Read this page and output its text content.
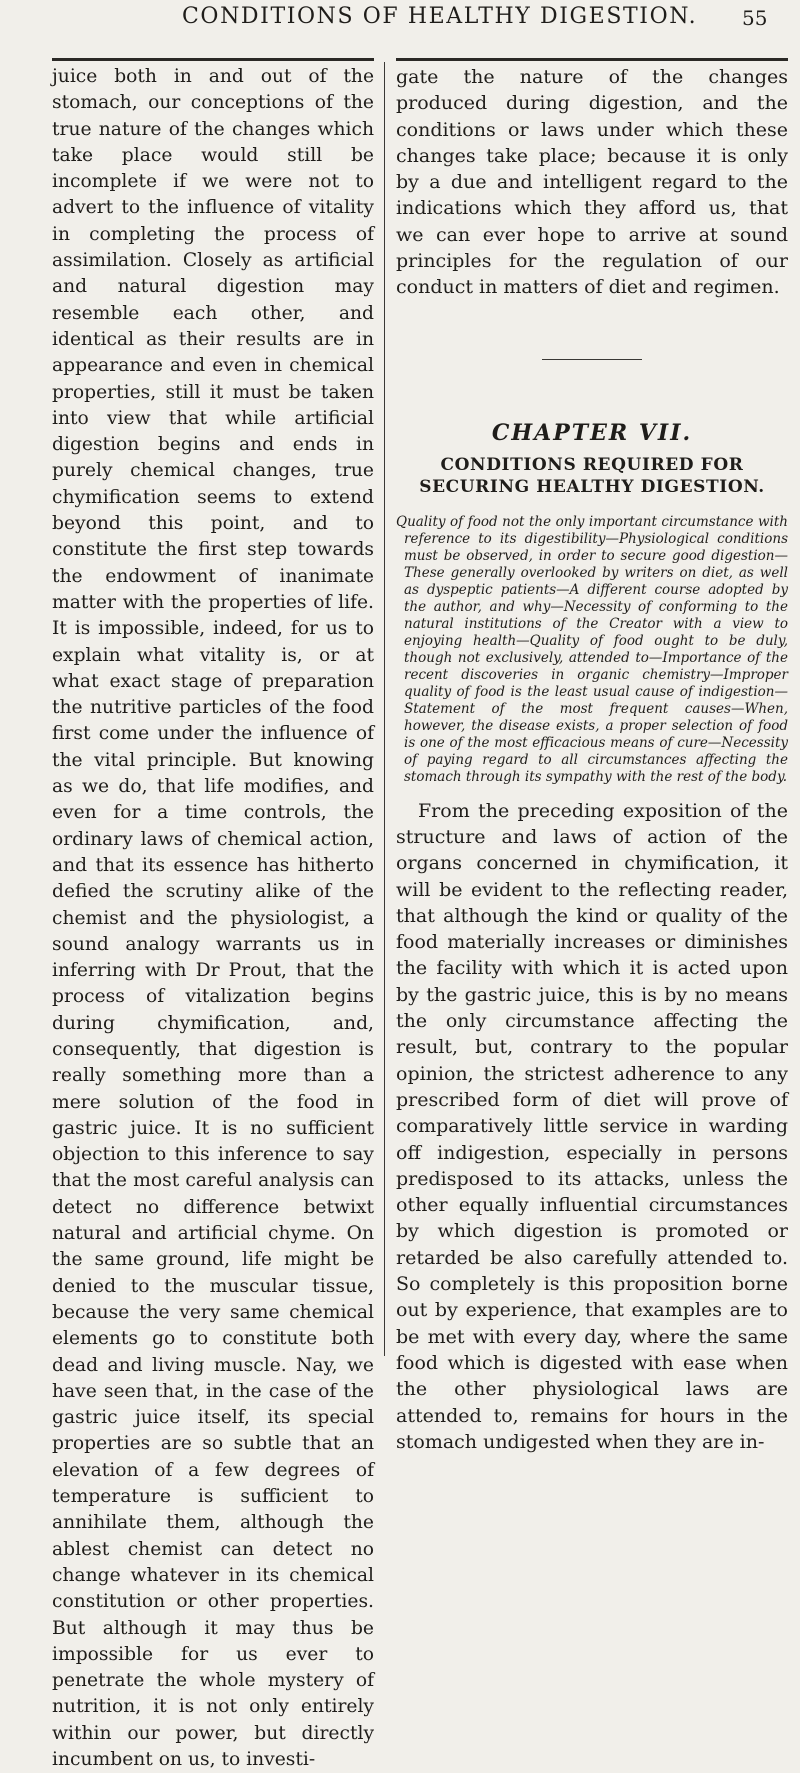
CONDITIONS OF HEALTHY DIGESTION. 55

juice both in and out of the stomach, our conceptions of the true nature of the changes which take place would still be incomplete if we were not to advert to the influence of vitality in completing the process of assimilation. Closely as artificial and natural digestion may resemble each other, and identical as their results are in appearance and even in chemical properties, still it must be taken into view that while artificial digestion begins and ends in purely chemical changes, true chymification seems to extend beyond this point, and to constitute the first step towards the endowment of inanimate matter with the properties of life. It is impossible, indeed, for us to explain what vitality is, or at what exact stage of preparation the nutritive particles of the food first come under the influence of the vital principle. But knowing as we do, that life modifies, and even for a time controls, the ordinary laws of chemical action, and that its essence has hitherto defied the scrutiny alike of the chemist and the physiologist, a sound analogy warrants us in inferring with Dr Prout, that the process of vitalization begins during chymification, and, consequently, that digestion is really something more than a mere solution of the food in gastric juice. It is no sufficient objection to this inference to say that the most careful analysis can detect no difference betwixt natural and artificial chyme. On the same ground, life might be denied to the muscular tissue, because the very same chemical elements go to constitute both dead and living muscle. Nay, we have seen that, in the case of the gastric juice itself, its special properties are so subtle that an elevation of a few degrees of temperature is sufficient to annihilate them, although the ablest chemist can detect no change whatever in its chemical constitution or other properties. But although it may thus be impossible for us ever to penetrate the whole mystery of nutrition, it is not only entirely within our power, but directly incumbent on us, to investi-

gate the nature of the changes produced during digestion, and the conditions or laws under which these changes take place; because it is only by a due and intelligent regard to the indications which they afford us, that we can ever hope to arrive at sound principles for the regulation of our conduct in matters of diet and regimen.

CHAPTER VII.
CONDITIONS REQUIRED FOR SECURING HEALTHY DIGESTION.

Quality of food not the only important circumstance with reference to its digestibility—Physiological conditions must be observed, in order to secure good digestion—These generally overlooked by writers on diet, as well as dyspeptic patients—A different course adopted by the author, and why—Necessity of conforming to the natural institutions of the Creator with a view to enjoying health—Quality of food ought to be duly, though not exclusively, attended to—Importance of the recent discoveries in organic chemistry—Improper quality of food is the least usual cause of indigestion—Statement of the most frequent causes—When, however, the disease exists, a proper selection of food is one of the most efficacious means of cure—Necessity of paying regard to all circumstances affecting the stomach through its sympathy with the rest of the body.

From the preceding exposition of the structure and laws of action of the organs concerned in chymification, it will be evident to the reflecting reader, that although the kind or quality of the food materially increases or diminishes the facility with which it is acted upon by the gastric juice, this is by no means the only circumstance affecting the result, but, contrary to the popular opinion, the strictest adherence to any prescribed form of diet will prove of comparatively little service in warding off indigestion, especially in persons predisposed to its attacks, unless the other equally influential circumstances by which digestion is promoted or retarded be also carefully attended to. So completely is this proposition borne out by experience, that examples are to be met with every day, where the same food which is digested with ease when the other physiological laws are attended to, remains for hours in the stomach undigested when they are in-
